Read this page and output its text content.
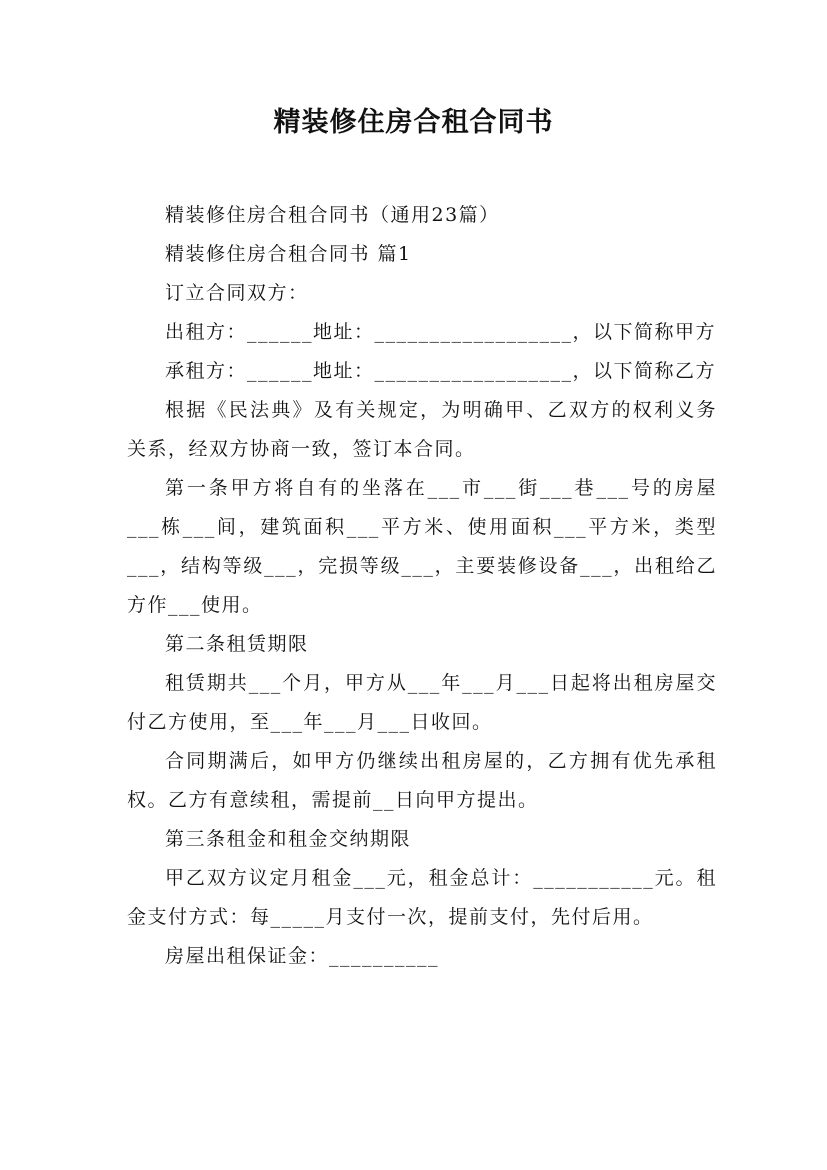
精装修住房合租合同书

精装修住房合租合同书（通用23篇）

精装修住房合租合同书 篇1

订立合同双方：

出租方：______地址：__________________，以下简称甲方

承租方：______地址：__________________，以下简称乙方

根据《民法典》及有关规定，为明确甲、乙双方的权利义务关系，经双方协商一致，签订本合同。

第一条甲方将自有的坐落在___市___街___巷___号的房屋___栋___间，建筑面积___平方米、使用面积___平方米，类型___，结构等级___，完损等级___，主要装修设备___，出租给乙方作___使用。

第二条租赁期限

租赁期共___个月，甲方从___年___月___日起将出租房屋交付乙方使用，至___年___月___日收回。

合同期满后，如甲方仍继续出租房屋的，乙方拥有优先承租权。乙方有意续租，需提前__日向甲方提出。

第三条租金和租金交纳期限

甲乙双方议定月租金___元，租金总计：___________元。租金支付方式：每_____月支付一次，提前支付，先付后用。

房屋出租保证金：__________
